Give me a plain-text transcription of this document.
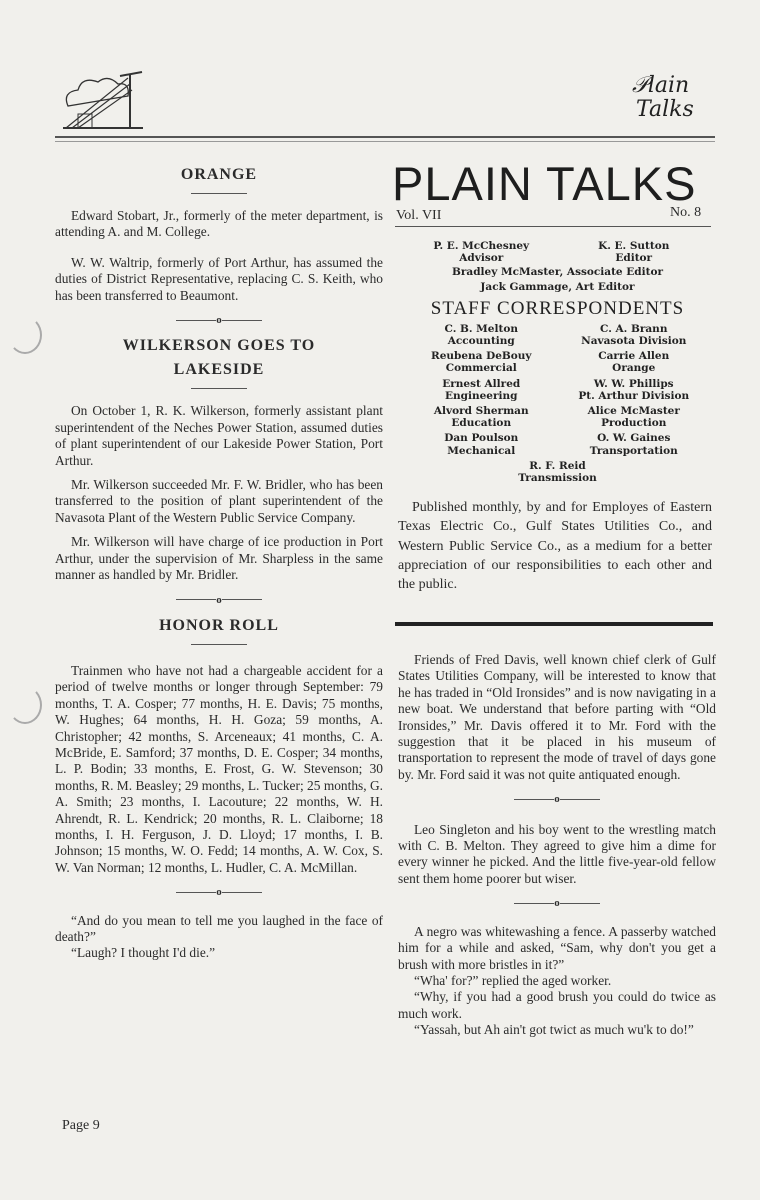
𝒫lain
Talks
ORANGE

Edward Stobart, Jr., formerly of the meter department, is attending A. and M. College.

W. W. Waltrip, formerly of Port Arthur, has assumed the duties of District Representative, replacing C. S. Keith, who has been transferred to Beaumont.

o
WILKERSON GOES TO LAKESIDE

On October 1, R. K. Wilkerson, formerly assistant plant superintendent of the Neches Power Station, assumed duties of plant superintendent of our Lakeside Power Station, Port Arthur.

Mr. Wilkerson succeeded Mr. F. W. Bridler, who has been transferred to the position of plant superintendent of the Navasota Plant of the Western Public Service Company.

Mr. Wilkerson will have charge of ice production in Port Arthur, under the supervision of Mr. Sharpless in the same manner as handled by Mr. Bridler.

o
HONOR ROLL

Trainmen who have not had a chargeable accident for a period of twelve months or longer through September: 79 months, T. A. Cosper; 77 months, H. E. Davis; 75 months, W. Hughes; 64 months, H. H. Goza; 59 months, A. Christopher; 42 months, S. Arceneaux; 41 months, C. A. McBride, E. Samford; 37 months, D. E. Cosper; 34 months, L. P. Bodin; 33 months, E. Frost, G. W. Stevenson; 30 months, R. M. Beasley; 29 months, L. Tucker; 25 months, G. A. Smith; 23 months, I. Lacouture; 22 months, W. H. Ahrendt, R. L. Kendrick; 20 months, R. L. Claiborne; 18 months, I. H. Ferguson, J. D. Lloyd; 17 months, I. B. Johnson; 15 months, W. O. Fedd; 14 months, A. W. Cox, S. W. Van Norman; 12 months, L. Hudler, C. A. McMillan.

o

“And do you mean to tell me you laughed in the face of death?”

“Laugh? I thought I'd die.”

Page 9
PLAIN TALKS
Vol. VII	No. 8
P. E. McChesney
Advisor
K. E. Sutton
Editor
Bradley McMaster, Associate Editor
Jack Gammage, Art Editor
STAFF CORRESPONDENTS
C. B. Melton
Accounting
C. A. Brann
Navasota Division
Reubena DeBouy
Commercial
Carrie Allen
Orange
Ernest Allred
Engineering
W. W. Phillips
Pt. Arthur Division
Alvord Sherman
Education
Alice McMaster
Production
Dan Poulson
Mechanical
O. W. Gaines
Transportation
R. F. Reid
Transmission

Published monthly, by and for Employes of Eastern Texas Electric Co., Gulf States Utilities Co., and Western Public Service Co., as a medium for a better appreciation of our responsibilities to each other and the public.

Friends of Fred Davis, well known chief clerk of Gulf States Utilities Company, will be interested to know that he has traded in “Old Ironsides” and is now navigating in a new boat. We understand that before parting with “Old Ironsides,” Mr. Davis offered it to Mr. Ford with the suggestion that it be placed in his museum of transportation to represent the mode of travel of days gone by. Mr. Ford said it was not quite antiquated enough.

o

Leo Singleton and his boy went to the wrestling match with C. B. Melton. They agreed to give him a dime for every winner he picked. And the little five-year-old fellow sent them home poorer but wiser.

o

A negro was whitewashing a fence. A passerby watched him for a while and asked, “Sam, why don't you get a brush with more bristles in it?”

“Wha' for?” replied the aged worker.

“Why, if you had a good brush you could do twice as much work.

“Yassah, but Ah ain't got twict as much wu'k to do!”
